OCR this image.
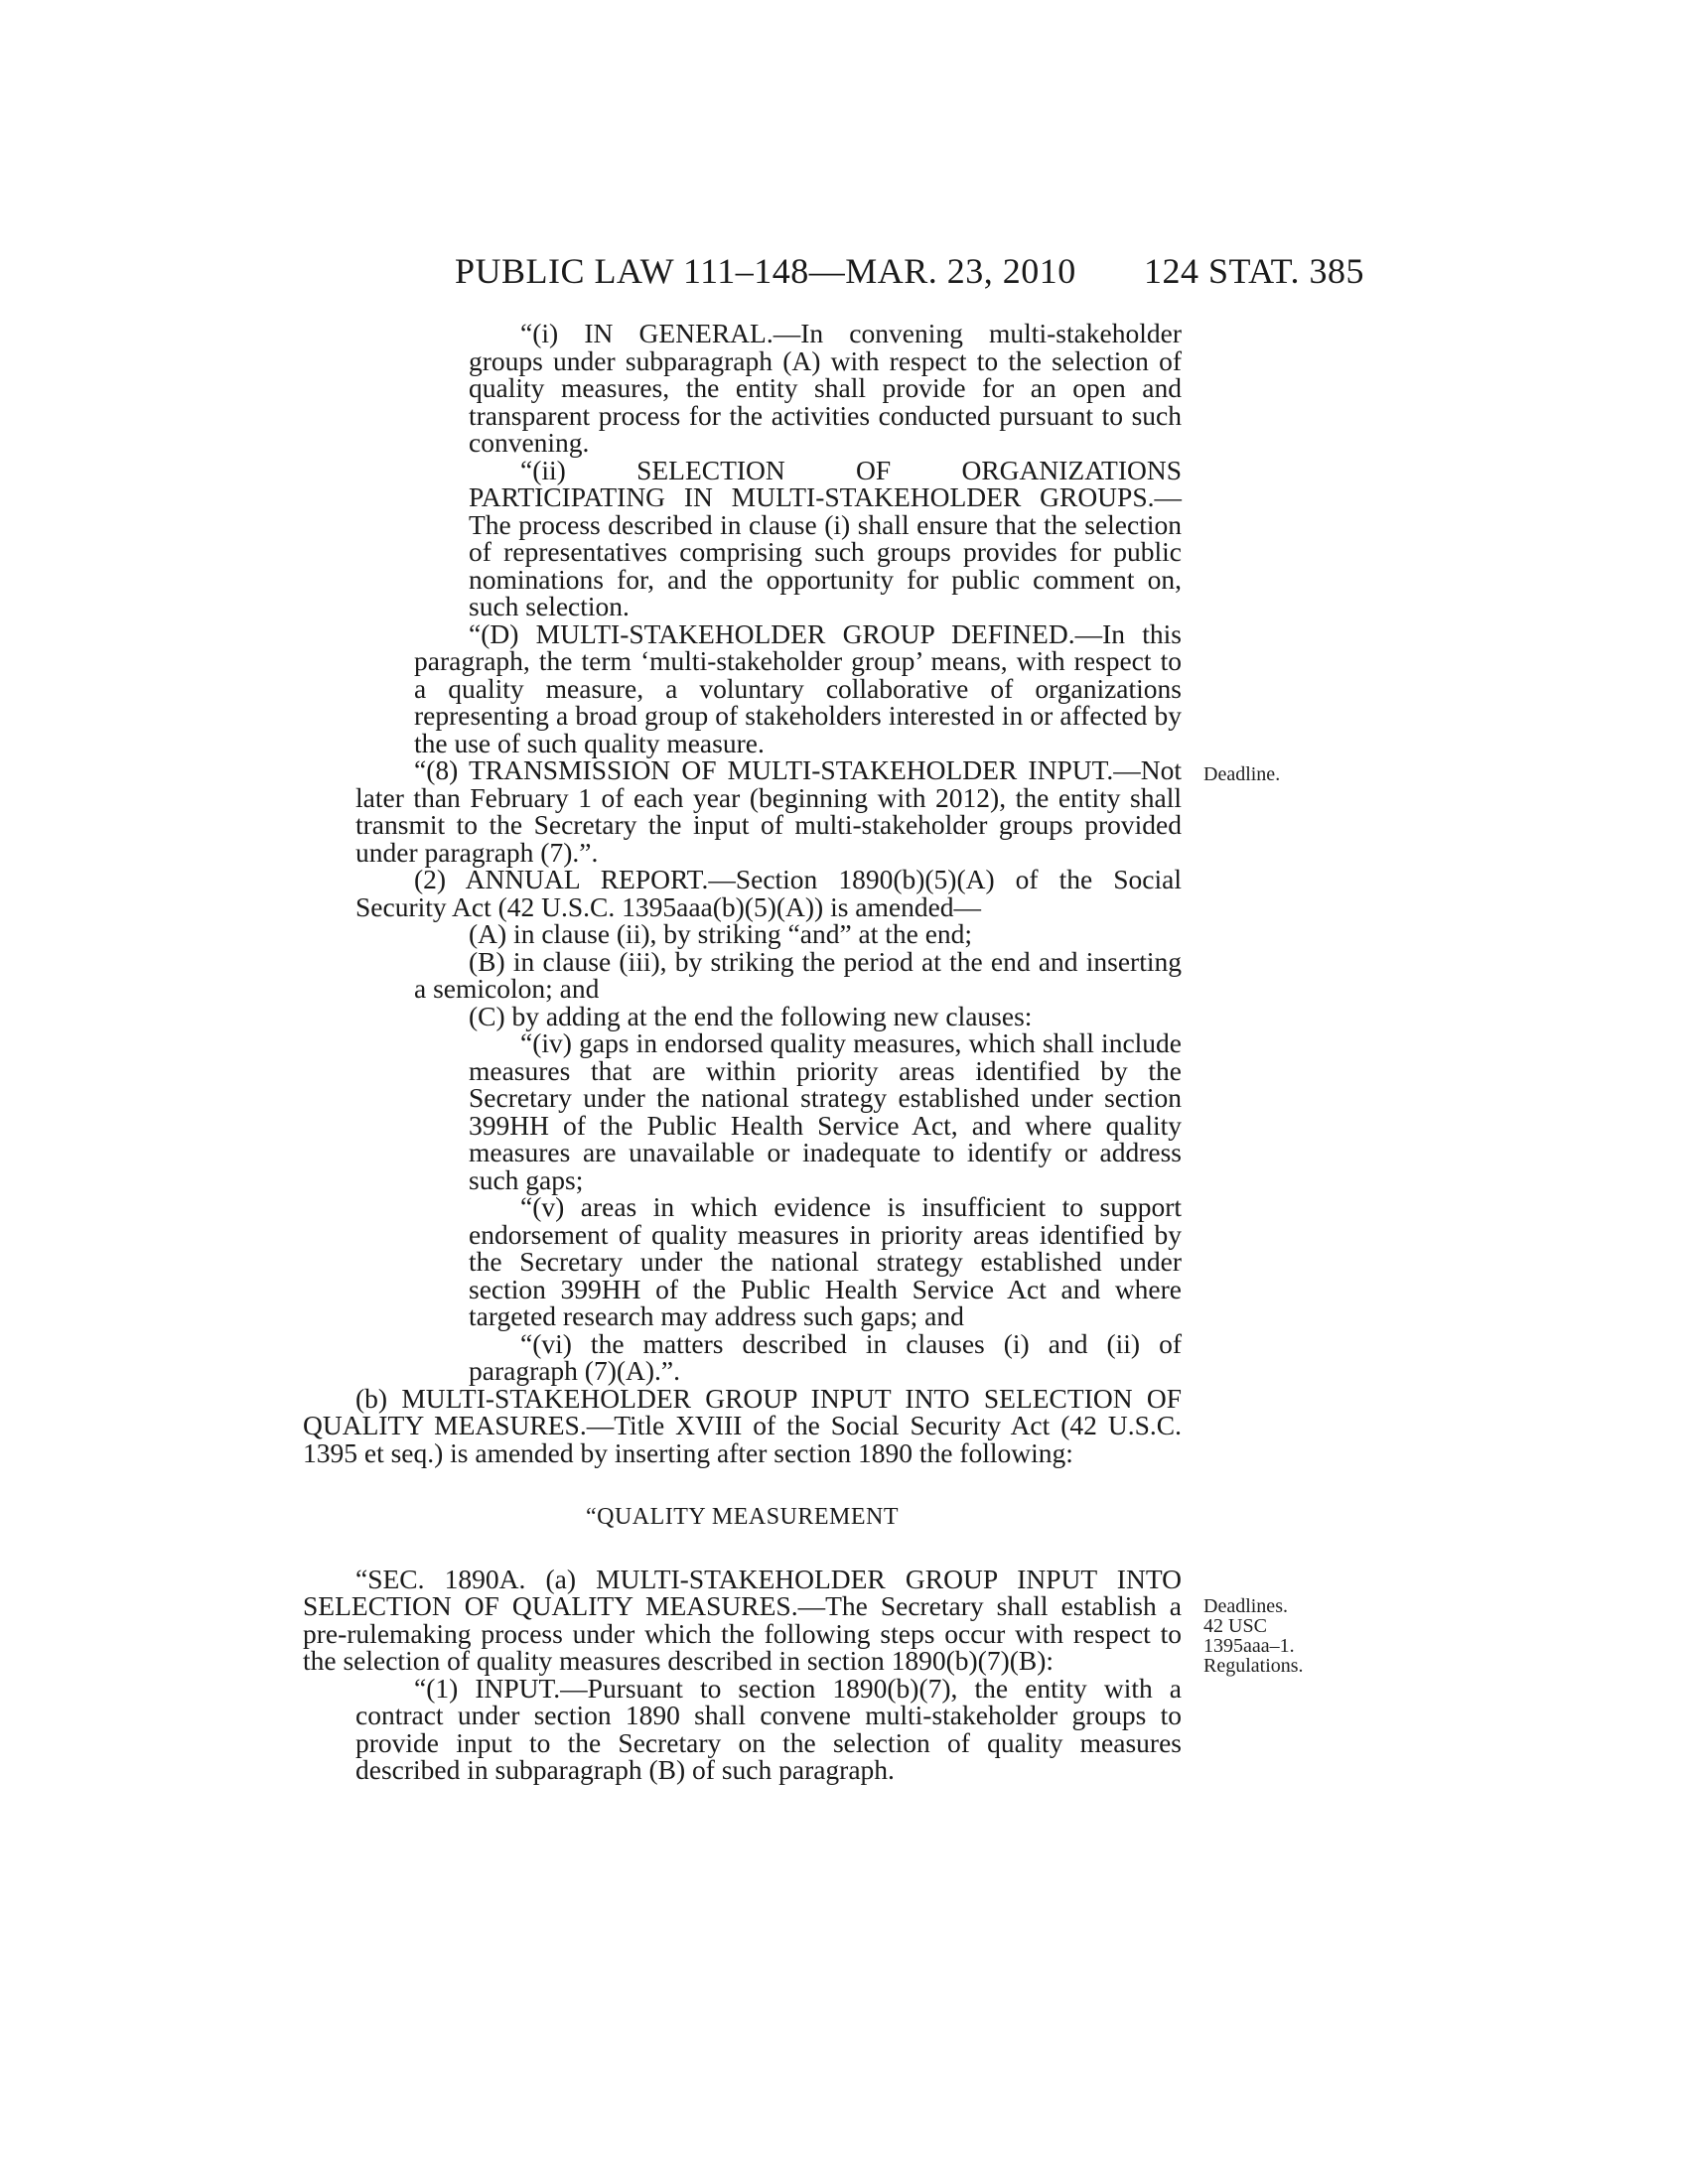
PUBLIC LAW 111–148—MAR. 23, 2010 124 STAT. 385

“(i) IN GENERAL.—In convening multi-stakeholder groups under subparagraph (A) with respect to the selection of quality measures, the entity shall provide for an open and transparent process for the activities conducted pursuant to such convening.

“(ii) SELECTION OF ORGANIZATIONS PARTICIPATING IN MULTI-STAKEHOLDER GROUPS.—The process described in clause (i) shall ensure that the selection of representatives comprising such groups provides for public nominations for, and the opportunity for public comment on, such selection.

“(D) MULTI-STAKEHOLDER GROUP DEFINED.—In this paragraph, the term ‘multi-stakeholder group’ means, with respect to a quality measure, a voluntary collaborative of organizations representing a broad group of stakeholders interested in or affected by the use of such quality measure.

“(8) TRANSMISSION OF MULTI-STAKEHOLDER INPUT.—Not later than February 1 of each year (beginning with 2012), the entity shall transmit to the Secretary the input of multi-stakeholder groups provided under paragraph (7).”.

(2) ANNUAL REPORT.—Section 1890(b)(5)(A) of the Social Security Act (42 U.S.C. 1395aaa(b)(5)(A)) is amended—

(A) in clause (ii), by striking “and” at the end;

(B) in clause (iii), by striking the period at the end and inserting a semicolon; and

(C) by adding at the end the following new clauses:

“(iv) gaps in endorsed quality measures, which shall include measures that are within priority areas identified by the Secretary under the national strategy established under section 399HH of the Public Health Service Act, and where quality measures are unavailable or inadequate to identify or address such gaps;

“(v) areas in which evidence is insufficient to support endorsement of quality measures in priority areas identified by the Secretary under the national strategy established under section 399HH of the Public Health Service Act and where targeted research may address such gaps; and

“(vi) the matters described in clauses (i) and (ii) of paragraph (7)(A).”.

(b) MULTI-STAKEHOLDER GROUP INPUT INTO SELECTION OF QUALITY MEASURES.—Title XVIII of the Social Security Act (42 U.S.C. 1395 et seq.) is amended by inserting after section 1890 the following:

“QUALITY MEASUREMENT

“SEC. 1890A. (a) MULTI-STAKEHOLDER GROUP INPUT INTO SELECTION OF QUALITY MEASURES.—The Secretary shall establish a pre-rulemaking process under which the following steps occur with respect to the selection of quality measures described in section 1890(b)(7)(B):

“(1) INPUT.—Pursuant to section 1890(b)(7), the entity with a contract under section 1890 shall convene multi-stakeholder groups to provide input to the Secretary on the selection of quality measures described in subparagraph (B) of such paragraph.

Deadline.
Deadlines.
42 USC
1395aaa–1.
Regulations.
